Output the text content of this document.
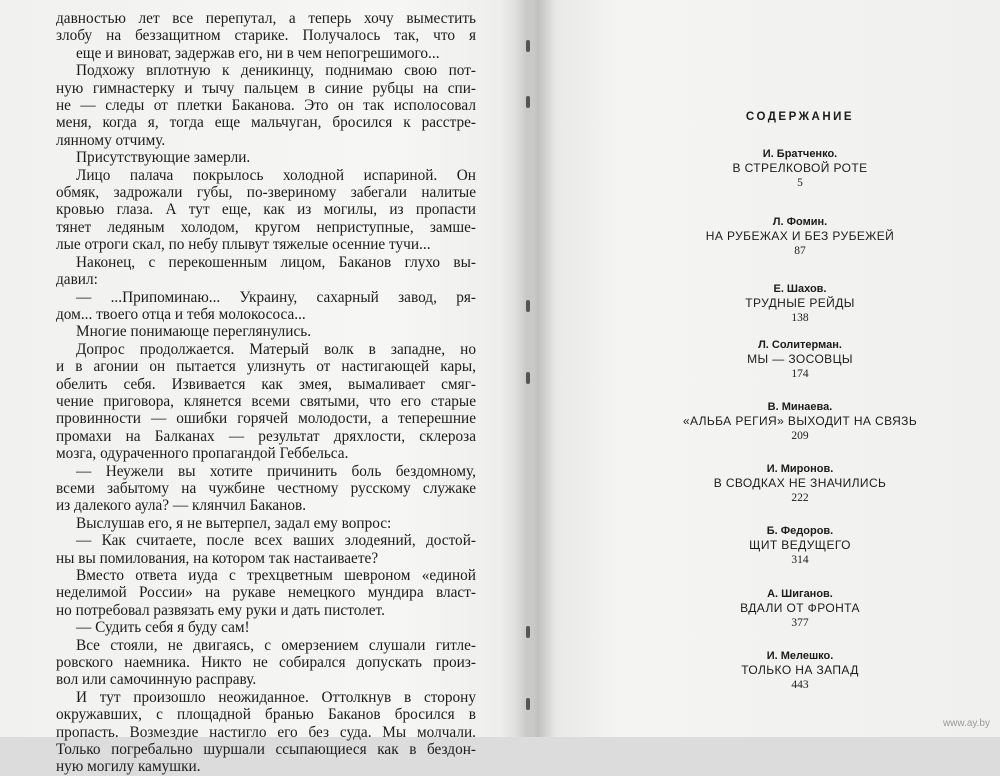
давностью лет все перепутал, а теперь хочу выместить
злобу на беззащитном старике. Получалось так, что я
еще и виноват, задержав его, ни в чем непогрешимого...
Подхожу вплотную к деникинцу, поднимаю свою пот-
ную гимнастерку и тычу пальцем в синие рубцы на спи-
не — следы от плетки Баканова. Это он так исполосовал
меня, когда я, тогда еще мальчуган, бросился к расстре-
лянному отчиму.
Присутствующие замерли.
Лицо палача покрылось холодной испариной. Он
обмяк, задрожали губы, по-звериному забегали налитые
кровью глаза. А тут еще, как из могилы, из пропасти
тянет ледяным холодом, кругом неприступные, замше-
лые отроги скал, по небу плывут тяжелые осенние тучи...
Наконец, с перекошенным лицом, Баканов глухо вы-
давил:
— ...Припоминаю... Украину, сахарный завод, ря-
дом... твоего отца и тебя молокососа...
Многие понимающе переглянулись.
Допрос продолжается. Матерый волк в западне, но
и в агонии он пытается улизнуть от настигающей кары,
обелить себя. Извивается как змея, вымаливает смяг-
чение приговора, клянется всеми святыми, что его старые
провинности — ошибки горячей молодости, а теперешние
промахи на Балканах — результат дряхлости, склероза
мозга, одураченного пропагандой Геббельса.
— Неужели вы хотите причинить боль бездомному,
всеми забытому на чужбине честному русскому служаке
из далекого аула? — клянчил Баканов.
Выслушав его, я не вытерпел, задал ему вопрос:
— Как считаете, после всех ваших злодеяний, достой-
ны вы помилования, на котором так настаиваете?
Вместо ответа иуда с трехцветным шевроном «единой
неделимой России» на рукаве немецкого мундира власт-
но потребовал развязать ему руки и дать пистолет.
— Судить себя я буду сам!
Все стояли, не двигаясь, с омерзением слушали гитле-
ровского наемника. Никто не собирался допускать произ-
вол или самочинную расправу.
И тут произошло неожиданное. Оттолкнув в сторону
окружавших, с площадной бранью Баканов бросился в
пропасть. Возмездие настигло его без суда. Мы молчали.
Только погребально шуршали ссыпающиеся как в бездон-
ную могилу камушки.
СОДЕРЖАНИЕ
И. Братченко.
В СТРЕЛКОВОЙ РОТЕ
5
Л. Фомин.
НА РУБЕЖАХ И БЕЗ РУБЕЖЕЙ
87
Е. Шахов.
ТРУДНЫЕ РЕЙДЫ
138
Л. Солитерман.
МЫ — ЗОСОВЦЫ
174
В. Минаева.
«АЛЬБА РЕГИЯ» ВЫХОДИТ НА СВЯЗЬ
209
И. Миронов.
В СВОДКАХ НЕ ЗНАЧИЛИСЬ
222
Б. Федоров.
ЩИТ ВЕДУЩЕГО
314
А. Шиганов.
ВДАЛИ ОТ ФРОНТА
377
И. Мелешко.
ТОЛЬКО НА ЗАПАД
443
www.ay.by
